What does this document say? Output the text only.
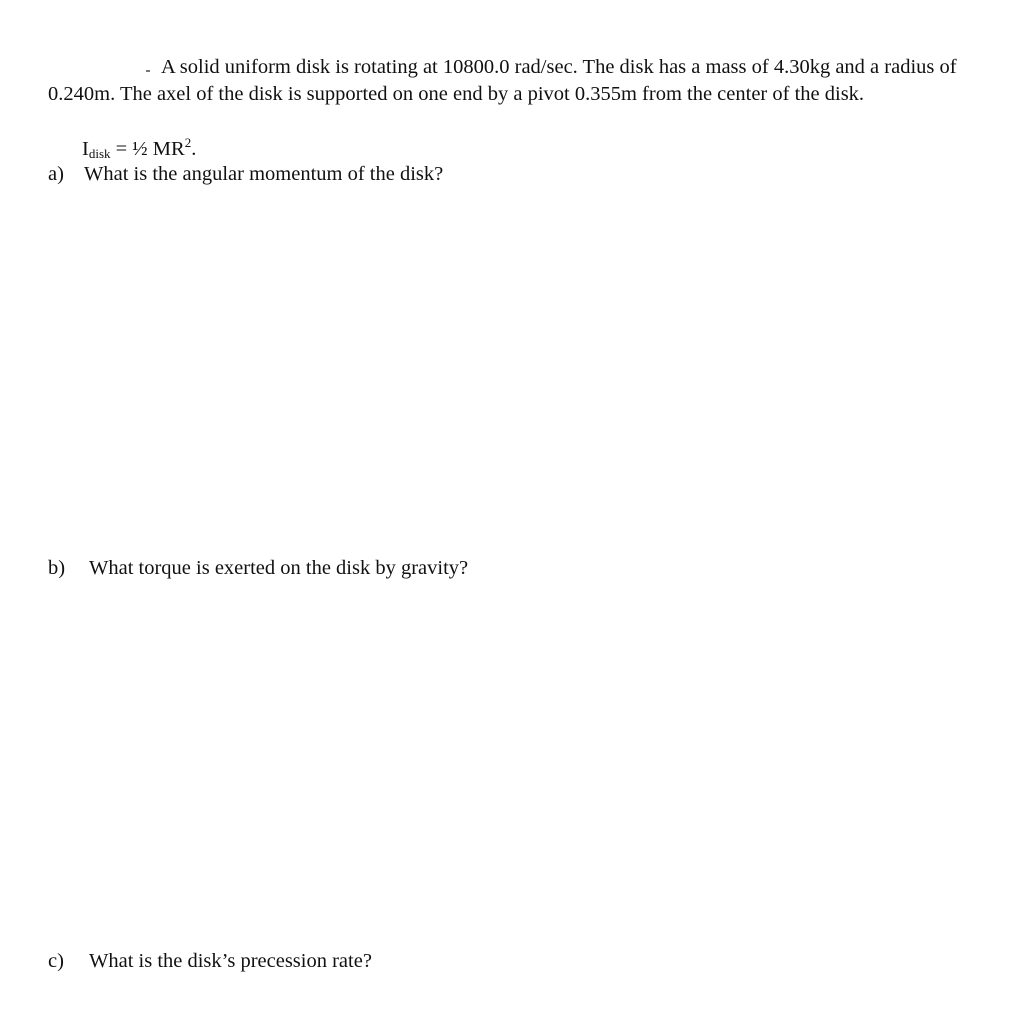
A solid uniform disk is rotating at 10800.0 rad/sec. The disk has a mass of 4.30kg and a radius of 0.240m. The axel of the disk is supported on one end by a pivot 0.355m from the center of the disk.

$I_{disk}$ = ½ $MR^2$.
a) What is the angular momentum of the disk?
b) What torque is exerted on the disk by gravity?
c) What is the disk’s precession rate?
